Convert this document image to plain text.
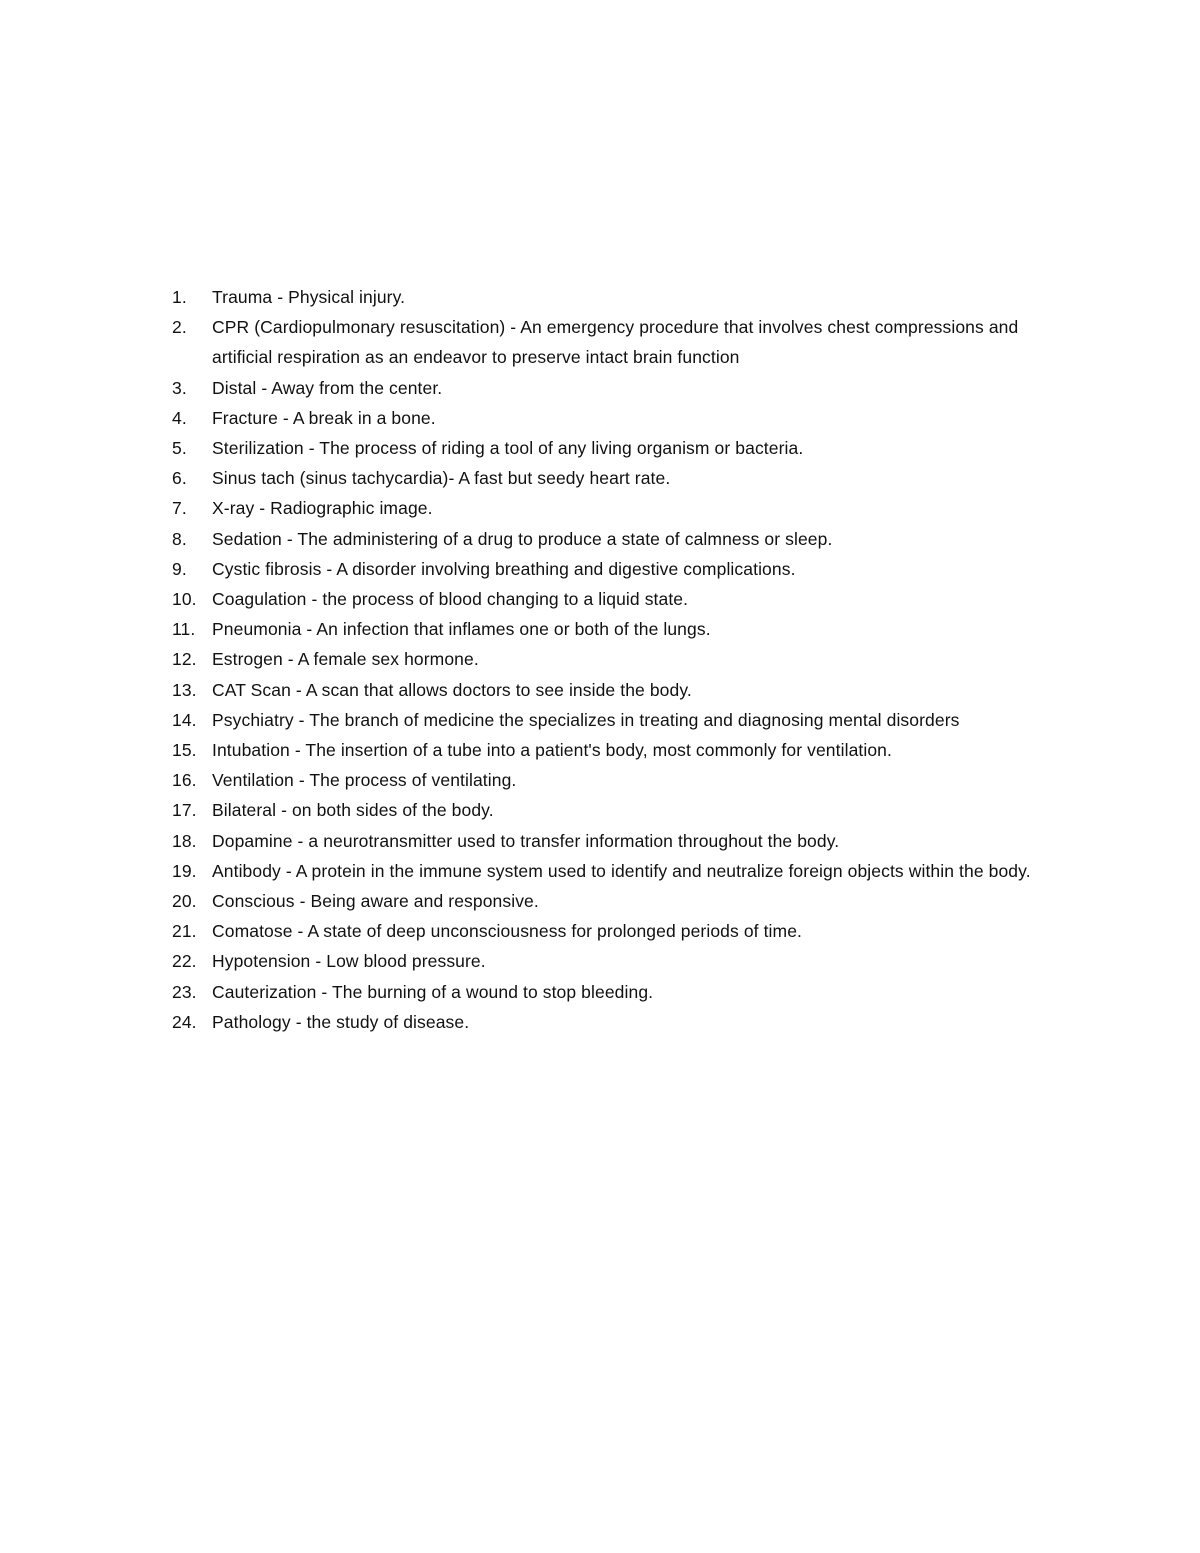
1.	Trauma - Physical injury.
2.	CPR (Cardiopulmonary resuscitation) - An emergency procedure that involves chest compressions and artificial respiration as an endeavor to preserve intact brain function
3.	Distal - Away from the center.
4.	Fracture - A break in a bone.
5.	Sterilization - The process of riding a tool of any living organism or bacteria.
6.	Sinus tach (sinus tachycardia)- A fast but seedy heart rate.
7.	X-ray - Radiographic image.
8.	Sedation - The administering of a drug to produce a state of calmness or sleep.
9.	Cystic fibrosis - A disorder involving breathing and digestive complications.
10. Coagulation - the process of blood changing to a liquid state.
11. Pneumonia - An infection that inflames one or both of the lungs.
12. Estrogen - A female sex hormone.
13. CAT Scan - A scan that allows doctors to see inside the body.
14. Psychiatry - The branch of medicine the specializes in treating and diagnosing mental disorders
15. Intubation - The insertion of a tube into a patient's body, most commonly for ventilation.
16. Ventilation - The process of ventilating.
17. Bilateral - on both sides of the body.
18. Dopamine - a neurotransmitter used to transfer information throughout the body.
19. Antibody - A protein in the immune system used to identify and neutralize foreign objects within the body.
20. Conscious - Being aware and responsive.
21. Comatose - A state of deep unconsciousness for prolonged periods of time.
22. Hypotension - Low blood pressure.
23. Cauterization - The burning of a wound to stop bleeding.
24. Pathology - the study of disease.
